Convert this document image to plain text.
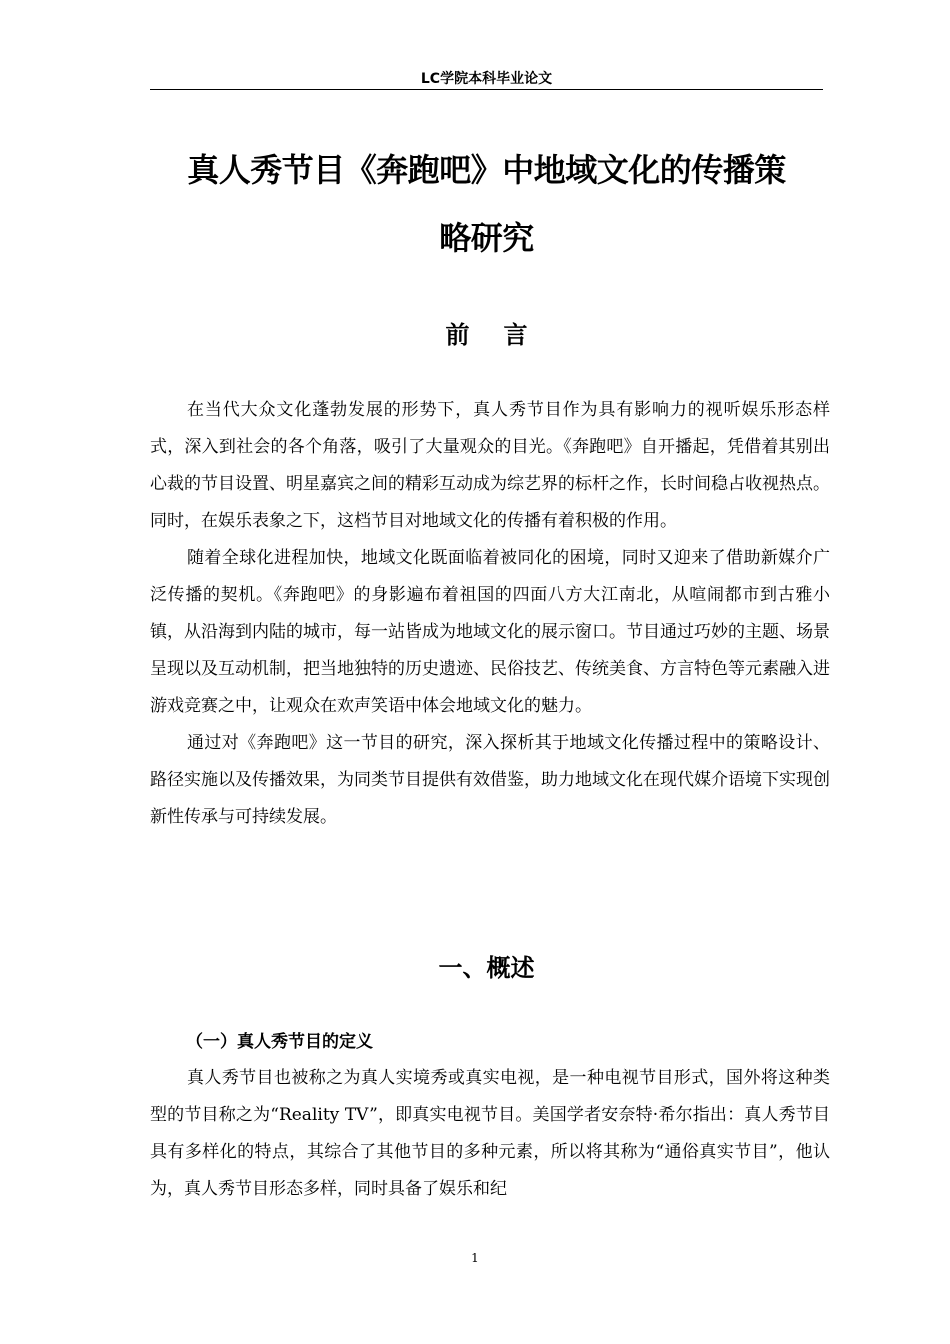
LC学院本科毕业论文
真人秀节目《奔跑吧》中地域文化的传播策
略研究
前 言

在当代大众文化蓬勃发展的形势下，真人秀节目作为具有影响力的视听娱乐形态样式，深入到社会的各个角落，吸引了大量观众的目光。《奔跑吧》自开播起，凭借着其别出心裁的节目设置、明星嘉宾之间的精彩互动成为综艺界的标杆之作，长时间稳占收视热点。同时，在娱乐表象之下，这档节目对地域文化的传播有着积极的作用。

随着全球化进程加快，地域文化既面临着被同化的困境，同时又迎来了借助新媒介广泛传播的契机。《奔跑吧》的身影遍布着祖国的四面八方大江南北，从喧闹都市到古雅小镇，从沿海到内陆的城市，每一站皆成为地域文化的展示窗口。节目通过巧妙的主题、场景呈现以及互动机制，把当地独特的历史遗迹、民俗技艺、传统美食、方言特色等元素融入进游戏竞赛之中，让观众在欢声笑语中体会地域文化的魅力。

通过对《奔跑吧》这一节目的研究，深入探析其于地域文化传播过程中的策略设计、路径实施以及传播效果，为同类节目提供有效借鉴，助力地域文化在现代媒介语境下实现创新性传承与可持续发展。

一、概述
（一）真人秀节目的定义

真人秀节目也被称之为真人实境秀或真实电视，是一种电视节目形式，国外将这种类型的节目称之为“Reality TV”，即真实电视节目。美国学者安奈特·希尔指出：真人秀节目具有多样化的特点，其综合了其他节目的多种元素，所以将其称为“通俗真实节目”，他认为，真人秀节目形态多样，同时具备了娱乐和纪

1
